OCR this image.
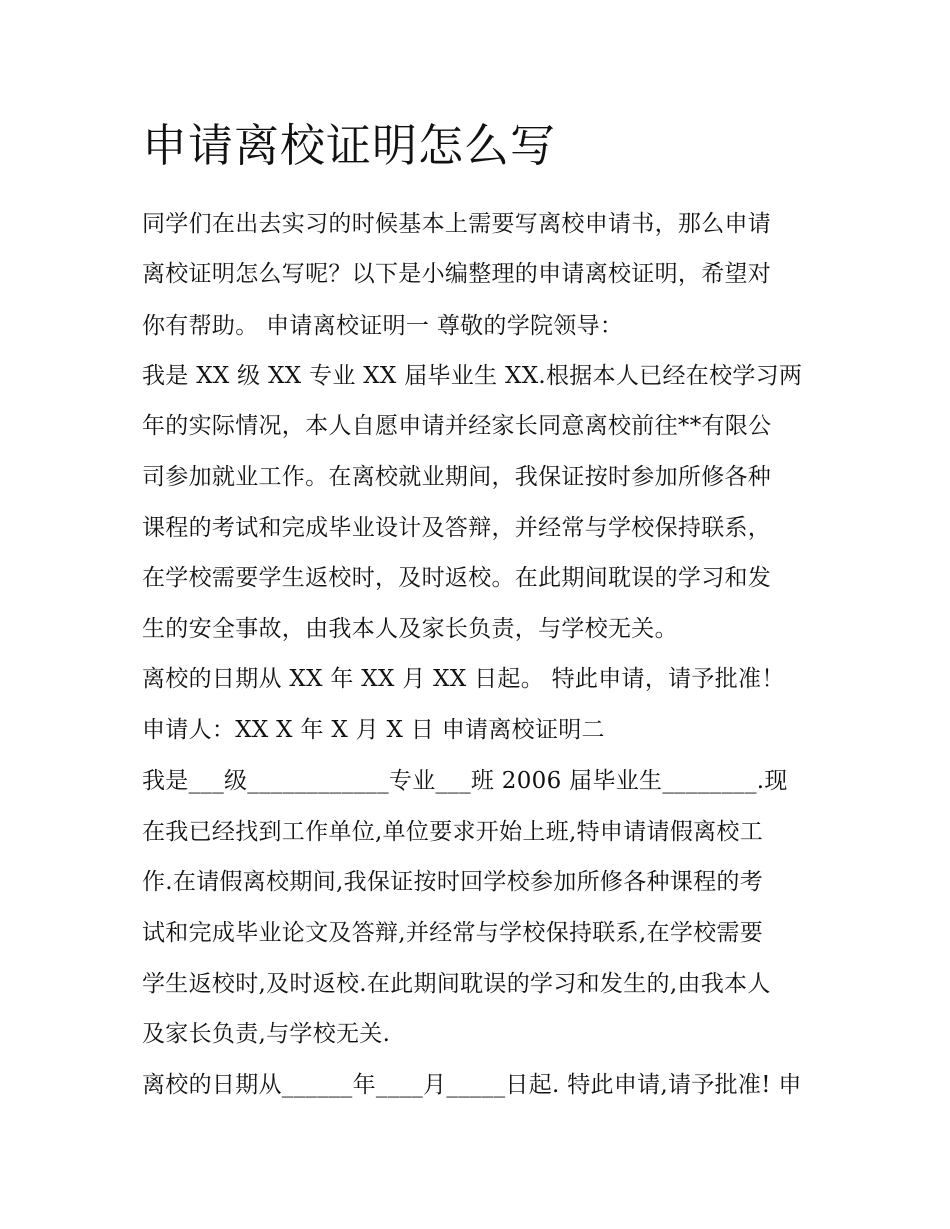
申请离校证明怎么写

同学们在出去实习的时候基本上需要写离校申请书，那么申请

离校证明怎么写呢？以下是小编整理的申请离校证明，希望对

你有帮助。 申请离校证明一 尊敬的学院领导：

我是 XX 级 XX 专业 XX 届毕业生 XX.根据本人已经在校学习两

年的实际情况，本人自愿申请并经家长同意离校前往**有限公

司参加就业工作。在离校就业期间，我保证按时参加所修各种

课程的考试和完成毕业设计及答辩，并经常与学校保持联系，

在学校需要学生返校时，及时返校。在此期间耽误的学习和发

生的安全事故，由我本人及家长负责，与学校无关。

离校的日期从 XX 年 XX 月 XX 日起。 特此申请，请予批准！

申请人：XX X 年 X 月 X 日 申请离校证明二

我是___级____________专业___班 2006 届毕业生________.现

在我已经找到工作单位,单位要求开始上班,特申请请假离校工

作.在请假离校期间,我保证按时回学校参加所修各种课程的考

试和完成毕业论文及答辩,并经常与学校保持联系,在学校需要

学生返校时,及时返校.在此期间耽误的学习和发生的,由我本人

及家长负责,与学校无关.

离校的日期从______年____月_____日起. 特此申请,请予批准! 申
